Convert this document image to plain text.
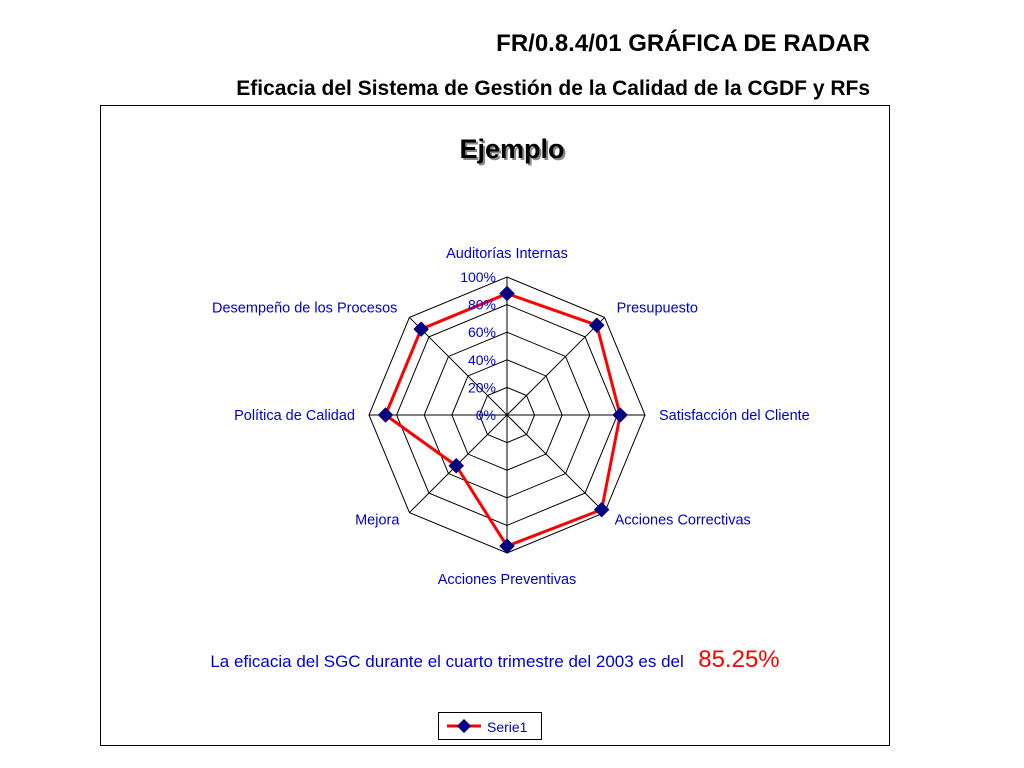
FR/0.8.4/01 GRÁFICA DE RADAR
Eficacia del Sistema de Gestión de la Calidad de la CGDF y RFs
Ejemplo
0%
20%
40%
60%
80%
100%
Auditorías Internas
Presupuesto
Satisfacción del Cliente
Acciones Correctivas
Acciones Preventivas
Mejora
Política de Calidad
Desempeño de los Procesos
La eficacia del SGC durante el cuarto trimestre del 2003 es del 85.25%
Serie1
